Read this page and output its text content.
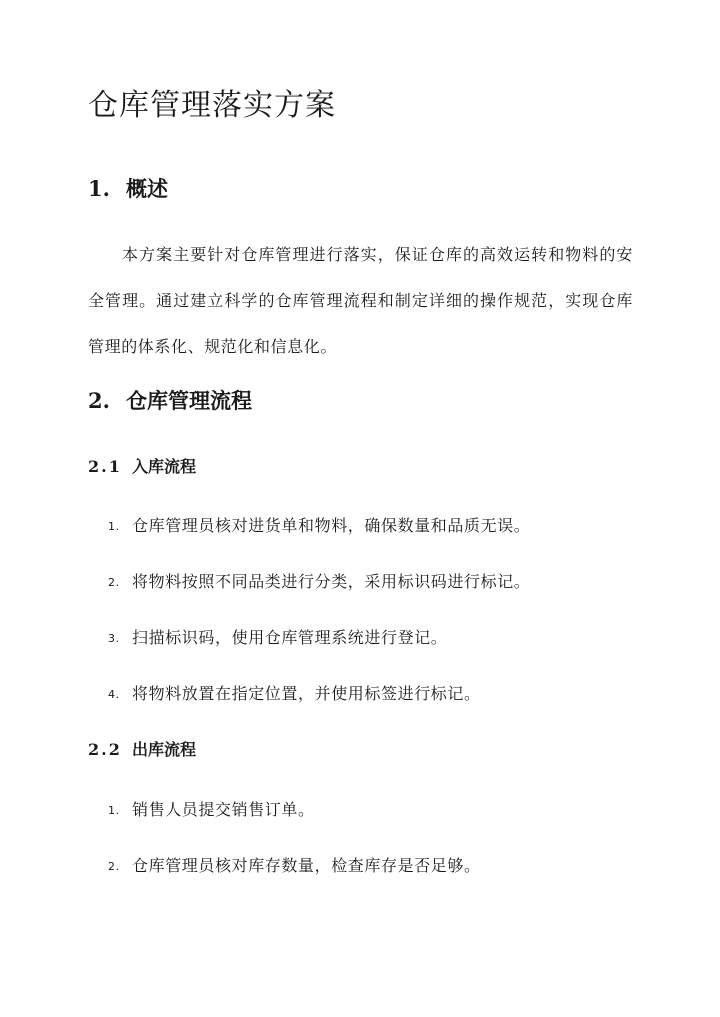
仓库管理落实方案
1. 概述

本方案主要针对仓库管理进行落实，保证仓库的高效运转和物料的安全管理。通过建立科学的仓库管理流程和制定详细的操作规范，实现仓库管理的体系化、规范化和信息化。

2. 仓库管理流程
2.1 入库流程
1. 仓库管理员核对进货单和物料，确保数量和品质无误。
2. 将物料按照不同品类进行分类，采用标识码进行标记。
3. 扫描标识码，使用仓库管理系统进行登记。
4. 将物料放置在指定位置，并使用标签进行标记。
2.2 出库流程
1. 销售人员提交销售订单。
2. 仓库管理员核对库存数量，检查库存是否足够。
